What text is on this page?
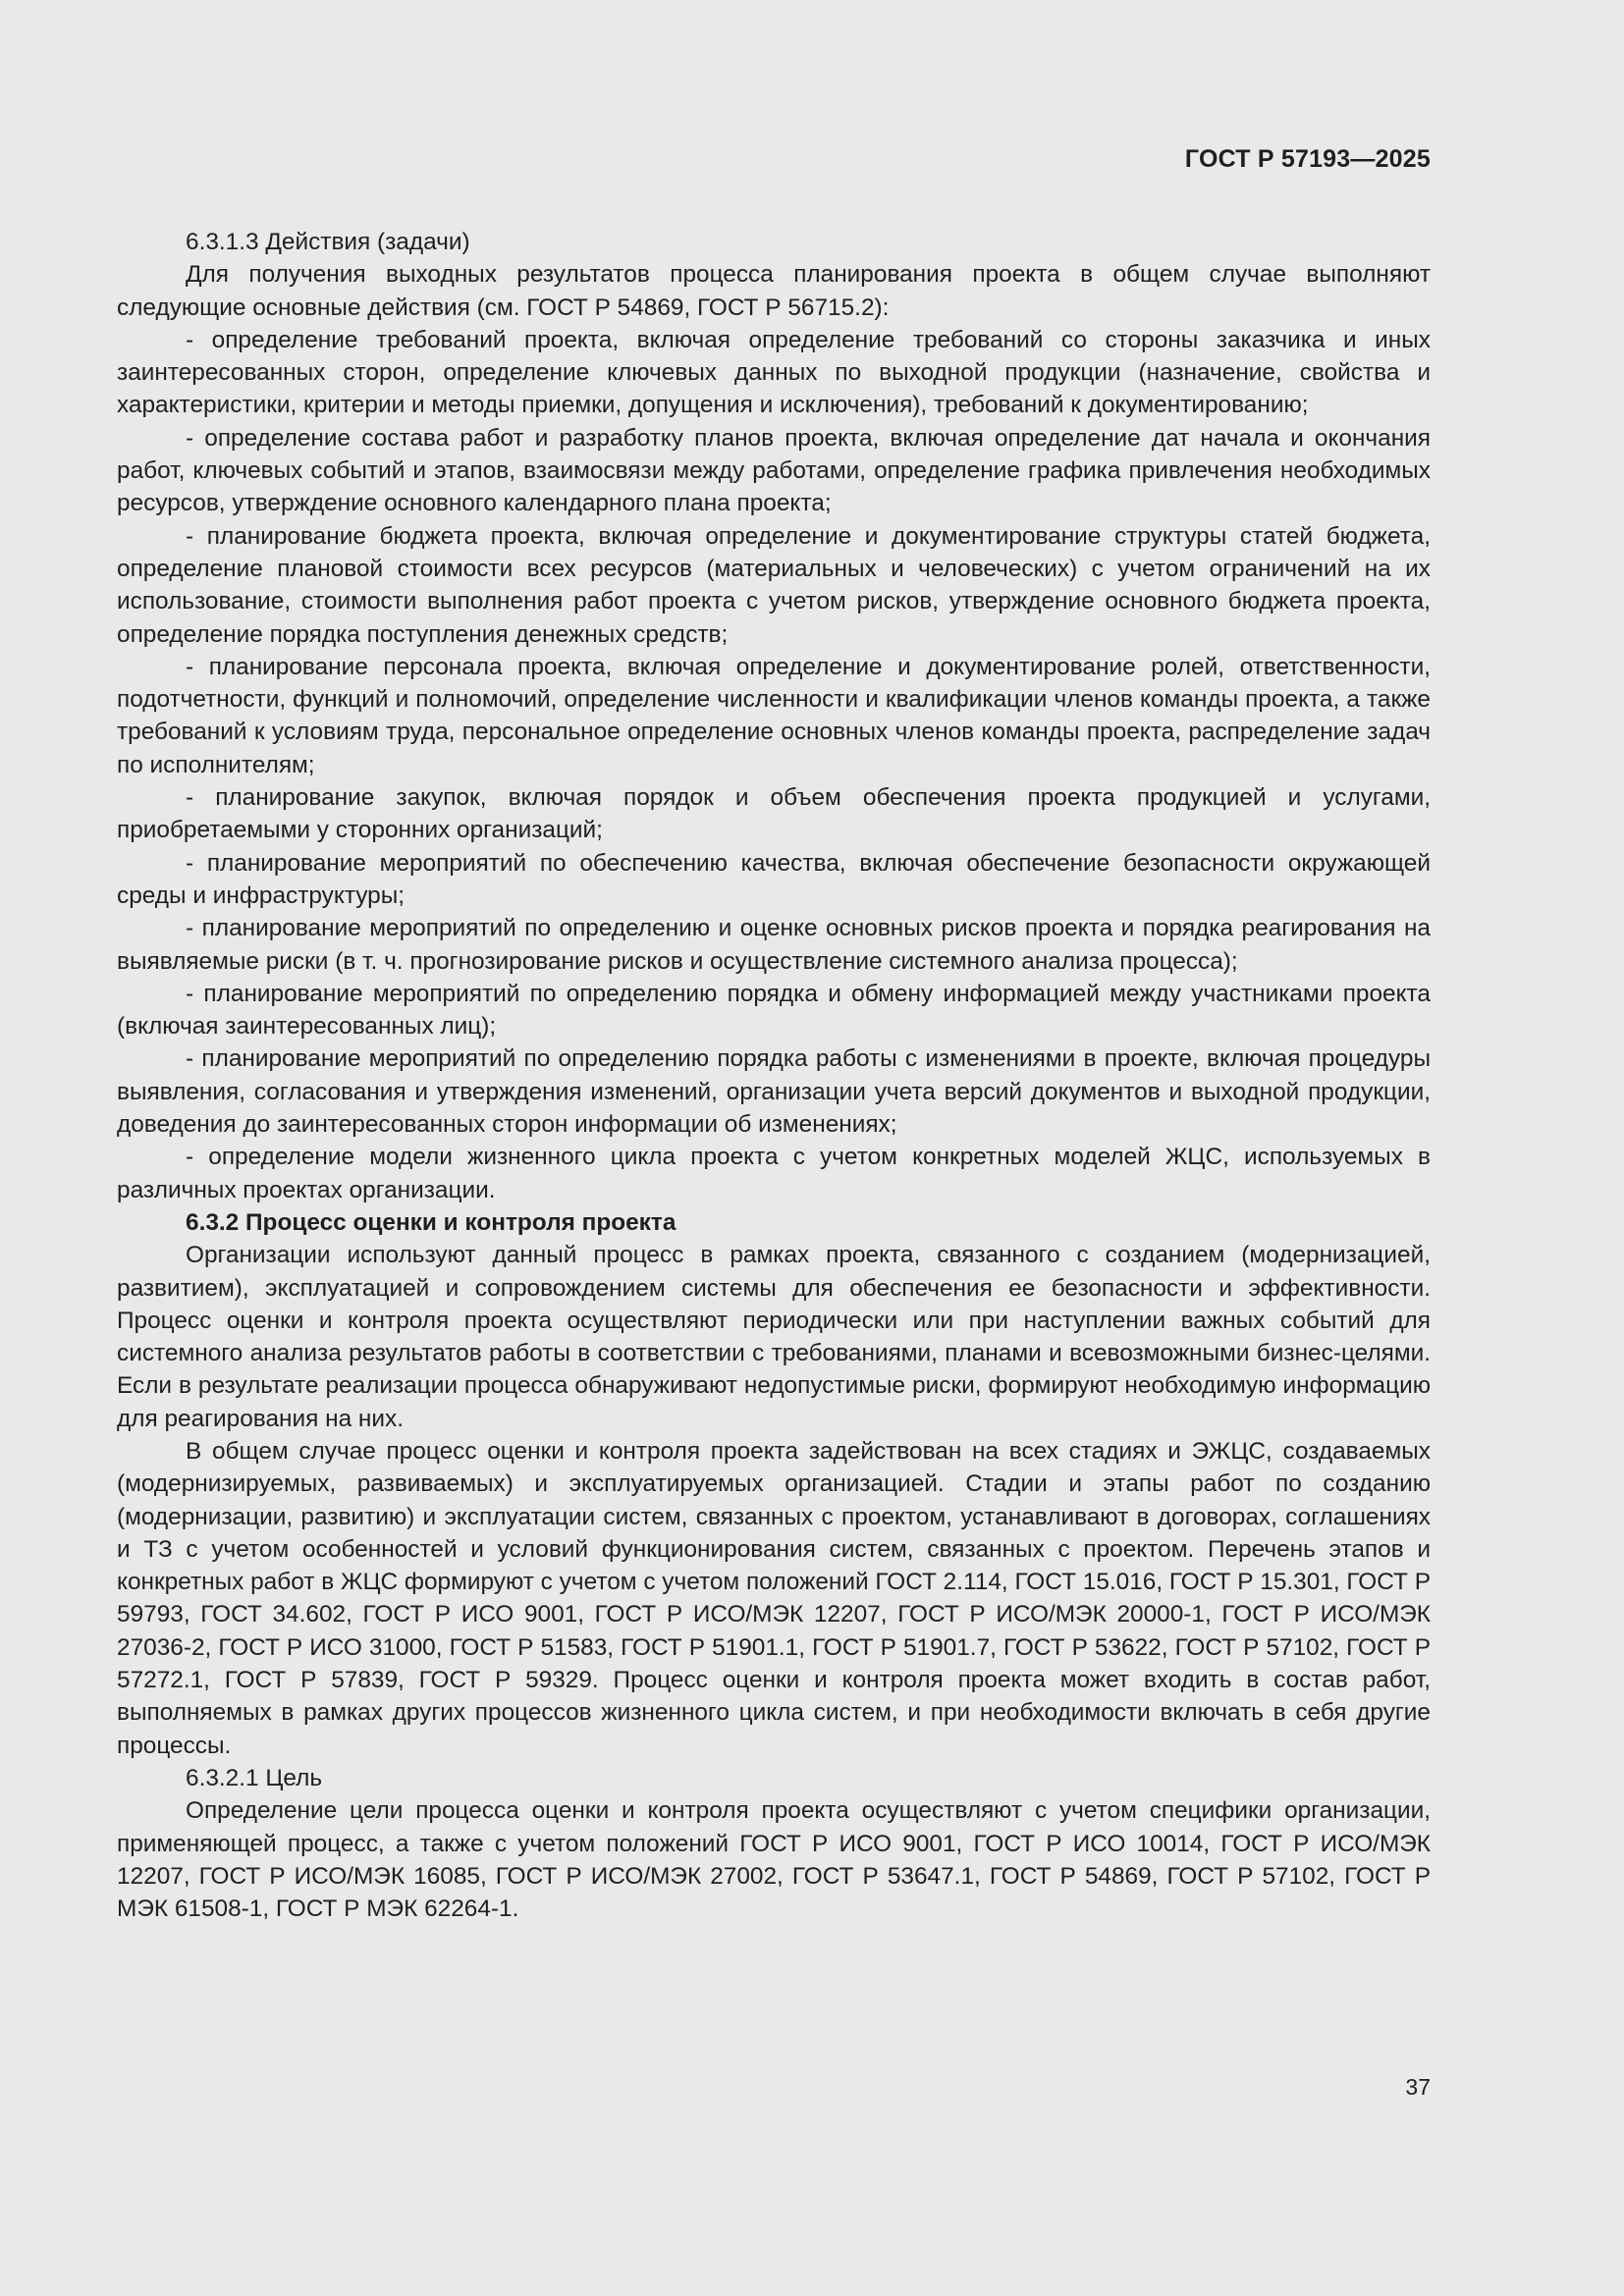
ГОСТ Р 57193—2025

6.3.1.3 Действия (задачи)

Для получения выходных результатов процесса планирования проекта в общем случае выполняют следующие основные действия (см. ГОСТ Р 54869, ГОСТ Р 56715.2):

- определение требований проекта, включая определение требований со стороны заказчика и иных заинтересованных сторон, определение ключевых данных по выходной продукции (назначение, свойства и характеристики, критерии и методы приемки, допущения и исключения), требований к документированию;

- определение состава работ и разработку планов проекта, включая определение дат начала и окончания работ, ключевых событий и этапов, взаимосвязи между работами, определение графика привлечения необходимых ресурсов, утверждение основного календарного плана проекта;

- планирование бюджета проекта, включая определение и документирование структуры статей бюджета, определение плановой стоимости всех ресурсов (материальных и человеческих) с учетом ограничений на их использование, стоимости выполнения работ проекта с учетом рисков, утверждение основного бюджета проекта, определение порядка поступления денежных средств;

- планирование персонала проекта, включая определение и документирование ролей, ответственности, подотчетности, функций и полномочий, определение численности и квалификации членов команды проекта, а также требований к условиям труда, персональное определение основных членов команды проекта, распределение задач по исполнителям;

- планирование закупок, включая порядок и объем обеспечения проекта продукцией и услугами, приобретаемыми у сторонних организаций;

- планирование мероприятий по обеспечению качества, включая обеспечение безопасности окружающей среды и инфраструктуры;

- планирование мероприятий по определению и оценке основных рисков проекта и порядка реагирования на выявляемые риски (в т. ч. прогнозирование рисков и осуществление системного анализа процесса);

- планирование мероприятий по определению порядка и обмену информацией между участниками проекта (включая заинтересованных лиц);

- планирование мероприятий по определению порядка работы с изменениями в проекте, включая процедуры выявления, согласования и утверждения изменений, организации учета версий документов и выходной продукции, доведения до заинтересованных сторон информации об изменениях;

- определение модели жизненного цикла проекта с учетом конкретных моделей ЖЦС, используемых в различных проектах организации.

6.3.2 Процесс оценки и контроля проекта

Организации используют данный процесс в рамках проекта, связанного с созданием (модернизацией, развитием), эксплуатацией и сопровождением системы для обеспечения ее безопасности и эффективности. Процесс оценки и контроля проекта осуществляют периодически или при наступлении важных событий для системного анализа результатов работы в соответствии с требованиями, планами и всевозможными бизнес-целями. Если в результате реализации процесса обнаруживают недопустимые риски, формируют необходимую информацию для реагирования на них.

В общем случае процесс оценки и контроля проекта задействован на всех стадиях и ЭЖЦС, создаваемых (модернизируемых, развиваемых) и эксплуатируемых организацией. Стадии и этапы работ по созданию (модернизации, развитию) и эксплуатации систем, связанных с проектом, устанавливают в договорах, соглашениях и ТЗ с учетом особенностей и условий функционирования систем, связанных с проектом. Перечень этапов и конкретных работ в ЖЦС формируют с учетом с учетом положений ГОСТ 2.114, ГОСТ 15.016, ГОСТ Р 15.301, ГОСТ Р 59793, ГОСТ 34.602, ГОСТ Р ИСО 9001, ГОСТ Р ИСО/МЭК 12207, ГОСТ Р ИСО/МЭК 20000-1, ГОСТ Р ИСО/МЭК 27036-2, ГОСТ Р ИСО 31000, ГОСТ Р 51583, ГОСТ Р 51901.1, ГОСТ Р 51901.7, ГОСТ Р 53622, ГОСТ Р 57102, ГОСТ Р 57272.1, ГОСТ Р 57839, ГОСТ Р 59329. Процесс оценки и контроля проекта может входить в состав работ, выполняемых в рамках других процессов жизненного цикла систем, и при необходимости включать в себя другие процессы.

6.3.2.1 Цель

Определение цели процесса оценки и контроля проекта осуществляют с учетом специфики организации, применяющей процесс, а также с учетом положений ГОСТ Р ИСО 9001, ГОСТ Р ИСО 10014, ГОСТ Р ИСО/МЭК 12207, ГОСТ Р ИСО/МЭК 16085, ГОСТ Р ИСО/МЭК 27002, ГОСТ Р 53647.1, ГОСТ Р 54869, ГОСТ Р 57102, ГОСТ Р МЭК 61508-1, ГОСТ Р МЭК 62264-1.

37
